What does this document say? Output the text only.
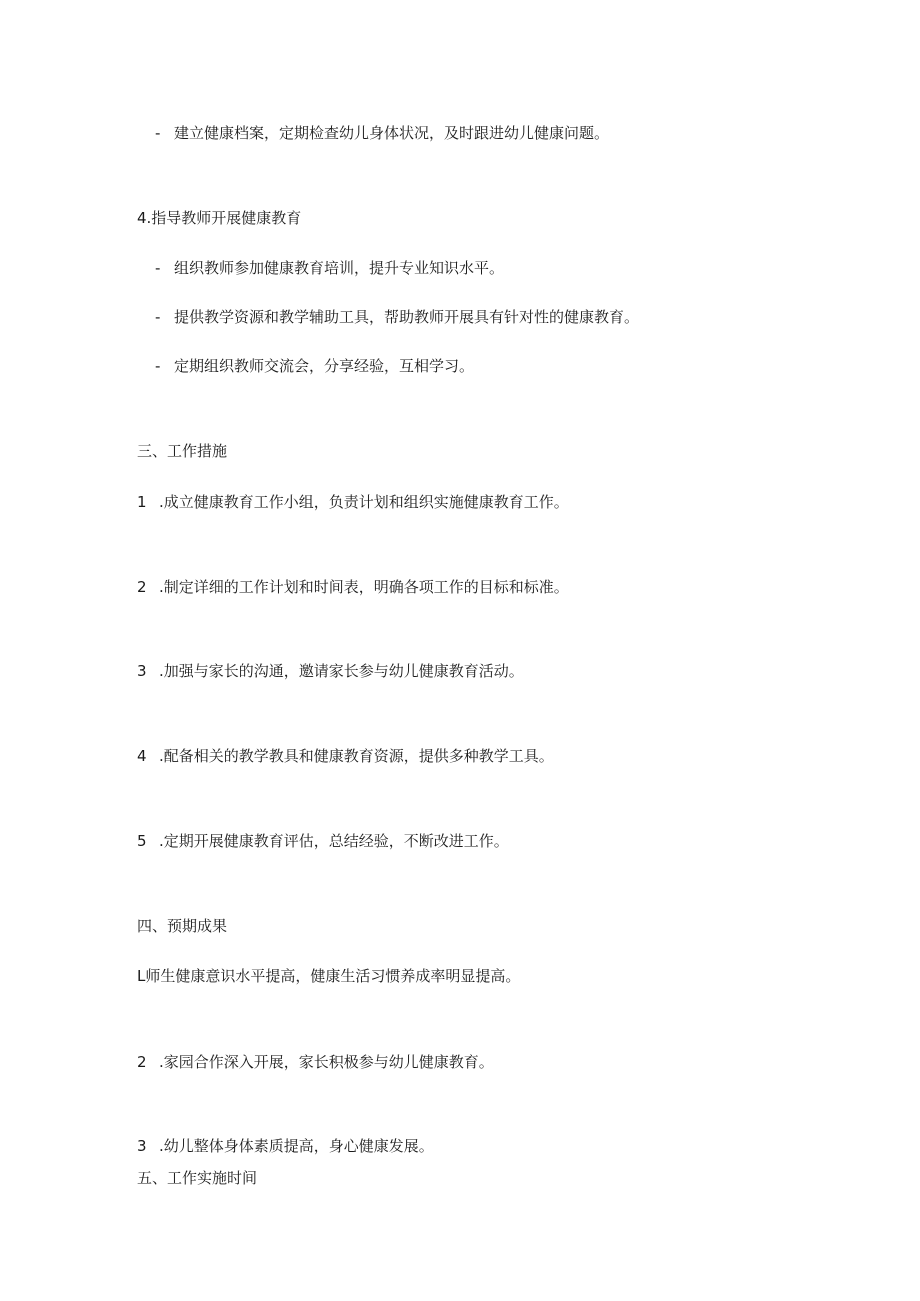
- 建立健康档案，定期检查幼儿身体状况，及时跟进幼儿健康问题。
4.指导教师开展健康教育
- 组织教师参加健康教育培训，提升专业知识水平。
- 提供教学资源和教学辅助工具，帮助教师开展具有针对性的健康教育。
- 定期组织教师交流会，分享经验，互相学习。
三、工作措施
1 .成立健康教育工作小组，负责计划和组织实施健康教育工作。
2 .制定详细的工作计划和时间表，明确各项工作的目标和标准。
3 .加强与家长的沟通，邀请家长参与幼儿健康教育活动。
4 .配备相关的教学教具和健康教育资源，提供多种教学工具。
5 .定期开展健康教育评估，总结经验，不断改进工作。
四、预期成果
L师生健康意识水平提高，健康生活习惯养成率明显提高。
2 .家园合作深入开展，家长积极参与幼儿健康教育。
3 .幼儿整体身体素质提高，身心健康发展。
五、工作实施时间
